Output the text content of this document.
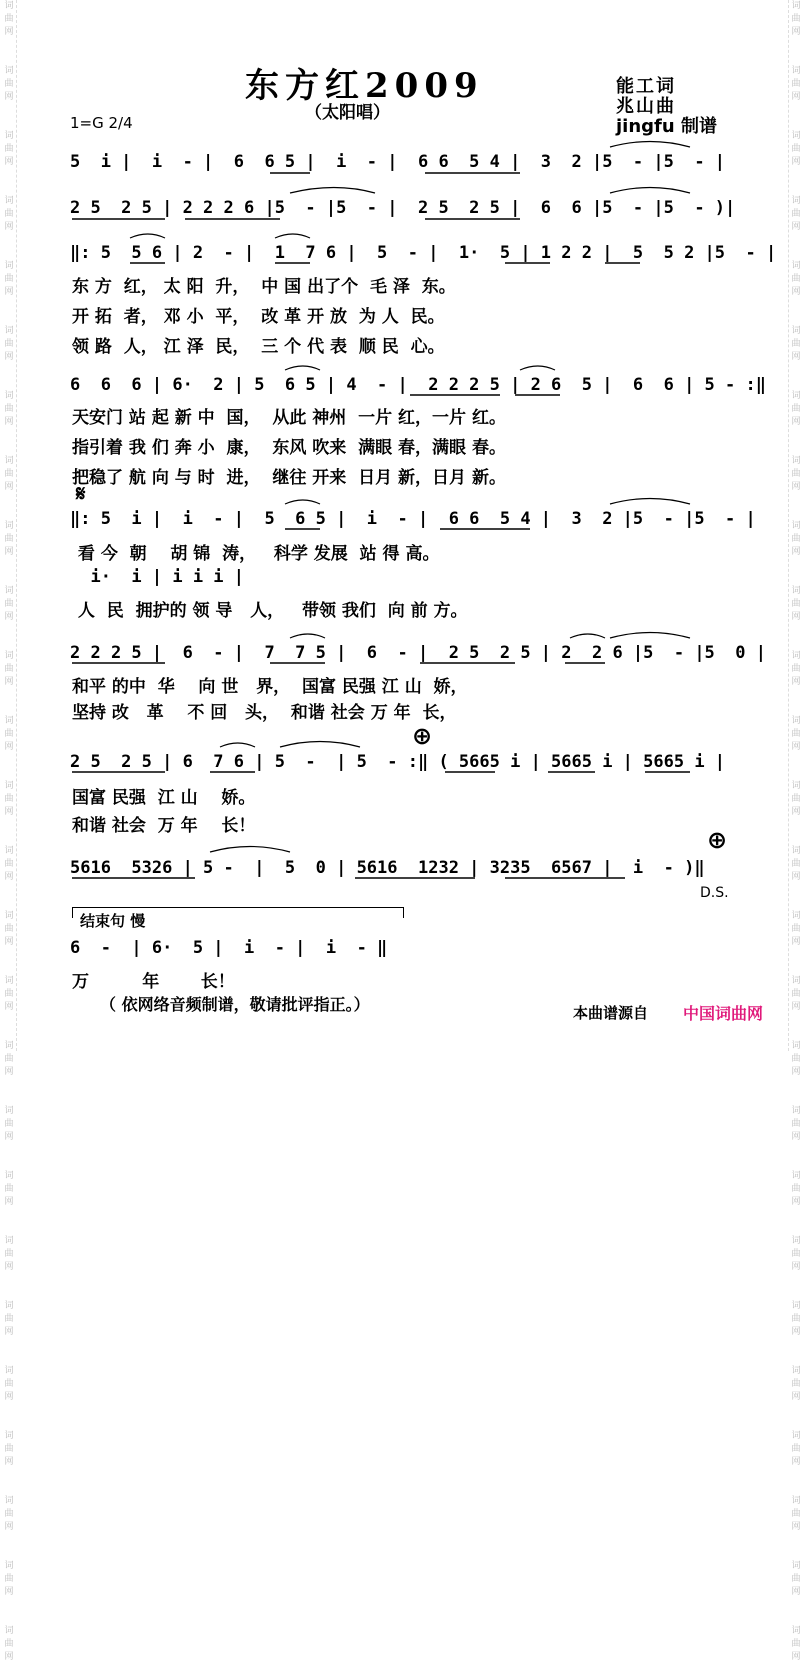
词
曲
网

词
曲
网

词
曲
网

词
曲
网

词
曲
网

词
曲
网

词
曲
网

词
曲
网

词
曲
网

词
曲
网

词
曲
网

词
曲
网

词
曲
网

词
曲
网

词
曲
网

词
曲
网

词
曲
网

词
曲
网

词
曲
网

词
曲
网

词
曲
网

词
曲
网

词
曲
网

词
曲
网

词
曲
网

词
曲
网

词
曲
网

词
曲
网

词
曲
网

词
曲
网

词
曲
网

词
曲
网

词
曲
网

词
曲
网

词
曲
网

词
曲
网

词
曲
网

词
曲
网

词
曲
网

词
曲
网

词
曲
网

词
曲
网

词
曲
网

词
曲
网

词
曲
网

词
曲
网

词
曲
网

词
曲
网

词
曲
网

词
曲
网

词
曲
网

词
曲
网

东方红2009
（太阳唱）
1=G 2/4
能工词
兆山曲
jingfu 制谱
5  i |  i  - |  6  6 5 |  i  - |  6 6  5 4 |  3  2 |5  - |5  - |
2 5  2 5 | 2 2 2 6 |5  - |5  - |  2 5  2 5 |  6  6 |5  - |5  - )|
‖: 5  5 6 | 2  - |  1  7 6 |  5  - |  1·  5 | 1 2 2 |  5  5 2 |5  - |
东 方  红， 太 阳  升，  中 国 出了个  毛 泽  东。
开 拓  者， 邓 小  平，  改 革 开 放  为 人  民。
领 路  人， 江 泽  民，  三 个 代 表  顺 民  心。
6  6  6 | 6·  2 | 5  6 5 | 4  - |  2 2 2 5 | 2 6  5 |  6  6 | 5 - :‖
天安门 站 起 新 中  国，  从此 神州  一片 红，一片 红。
指引着 我 们 奔 小  康，  东风 吹来  满眼 春，满眼 春。
把稳了 航 向 与 时  进，  继往 开来  日月 新，日月 新。
𝄋
‖: 5  i |  i  - |  5  6 5 |  i  - |  6 6  5 4 |  3  2 |5  - |5  - |
看 今  朝    胡 锦  涛，   科学 发展  站 得 高。
i·  i | i i i |
人  民  拥护的 领 导   人，   带领 我们  向 前 方。
2 2 2 5 |  6  - |  7  7 5 |  6  - |  2 5  2 5 | 2  2 6 |5  - |5  0 |
和平 的中  华    向 世   界，  国富 民强 江 山  娇，
坚持 改   革    不 回   头，  和谐 社会 万 年  长，
⊕
2 5  2 5 | 6  7 6 | 5  -  | 5  - :‖ ( 5665 i | 5665 i | 5665 i |
国富 民强  江 山    娇。
和谐 社会  万 年    长！	⊕
5616  5326 | 5 -  |  5  0 | 5616  1232 | 3235  6567 |  i  - )‖
D.S.
结束句 慢
6  -  | 6·  5 |  i  - |  i  - ‖
万         年       长！
（ 依网络音频制谱，敬请批评指正。）	本曲谱源自 中国词曲网
